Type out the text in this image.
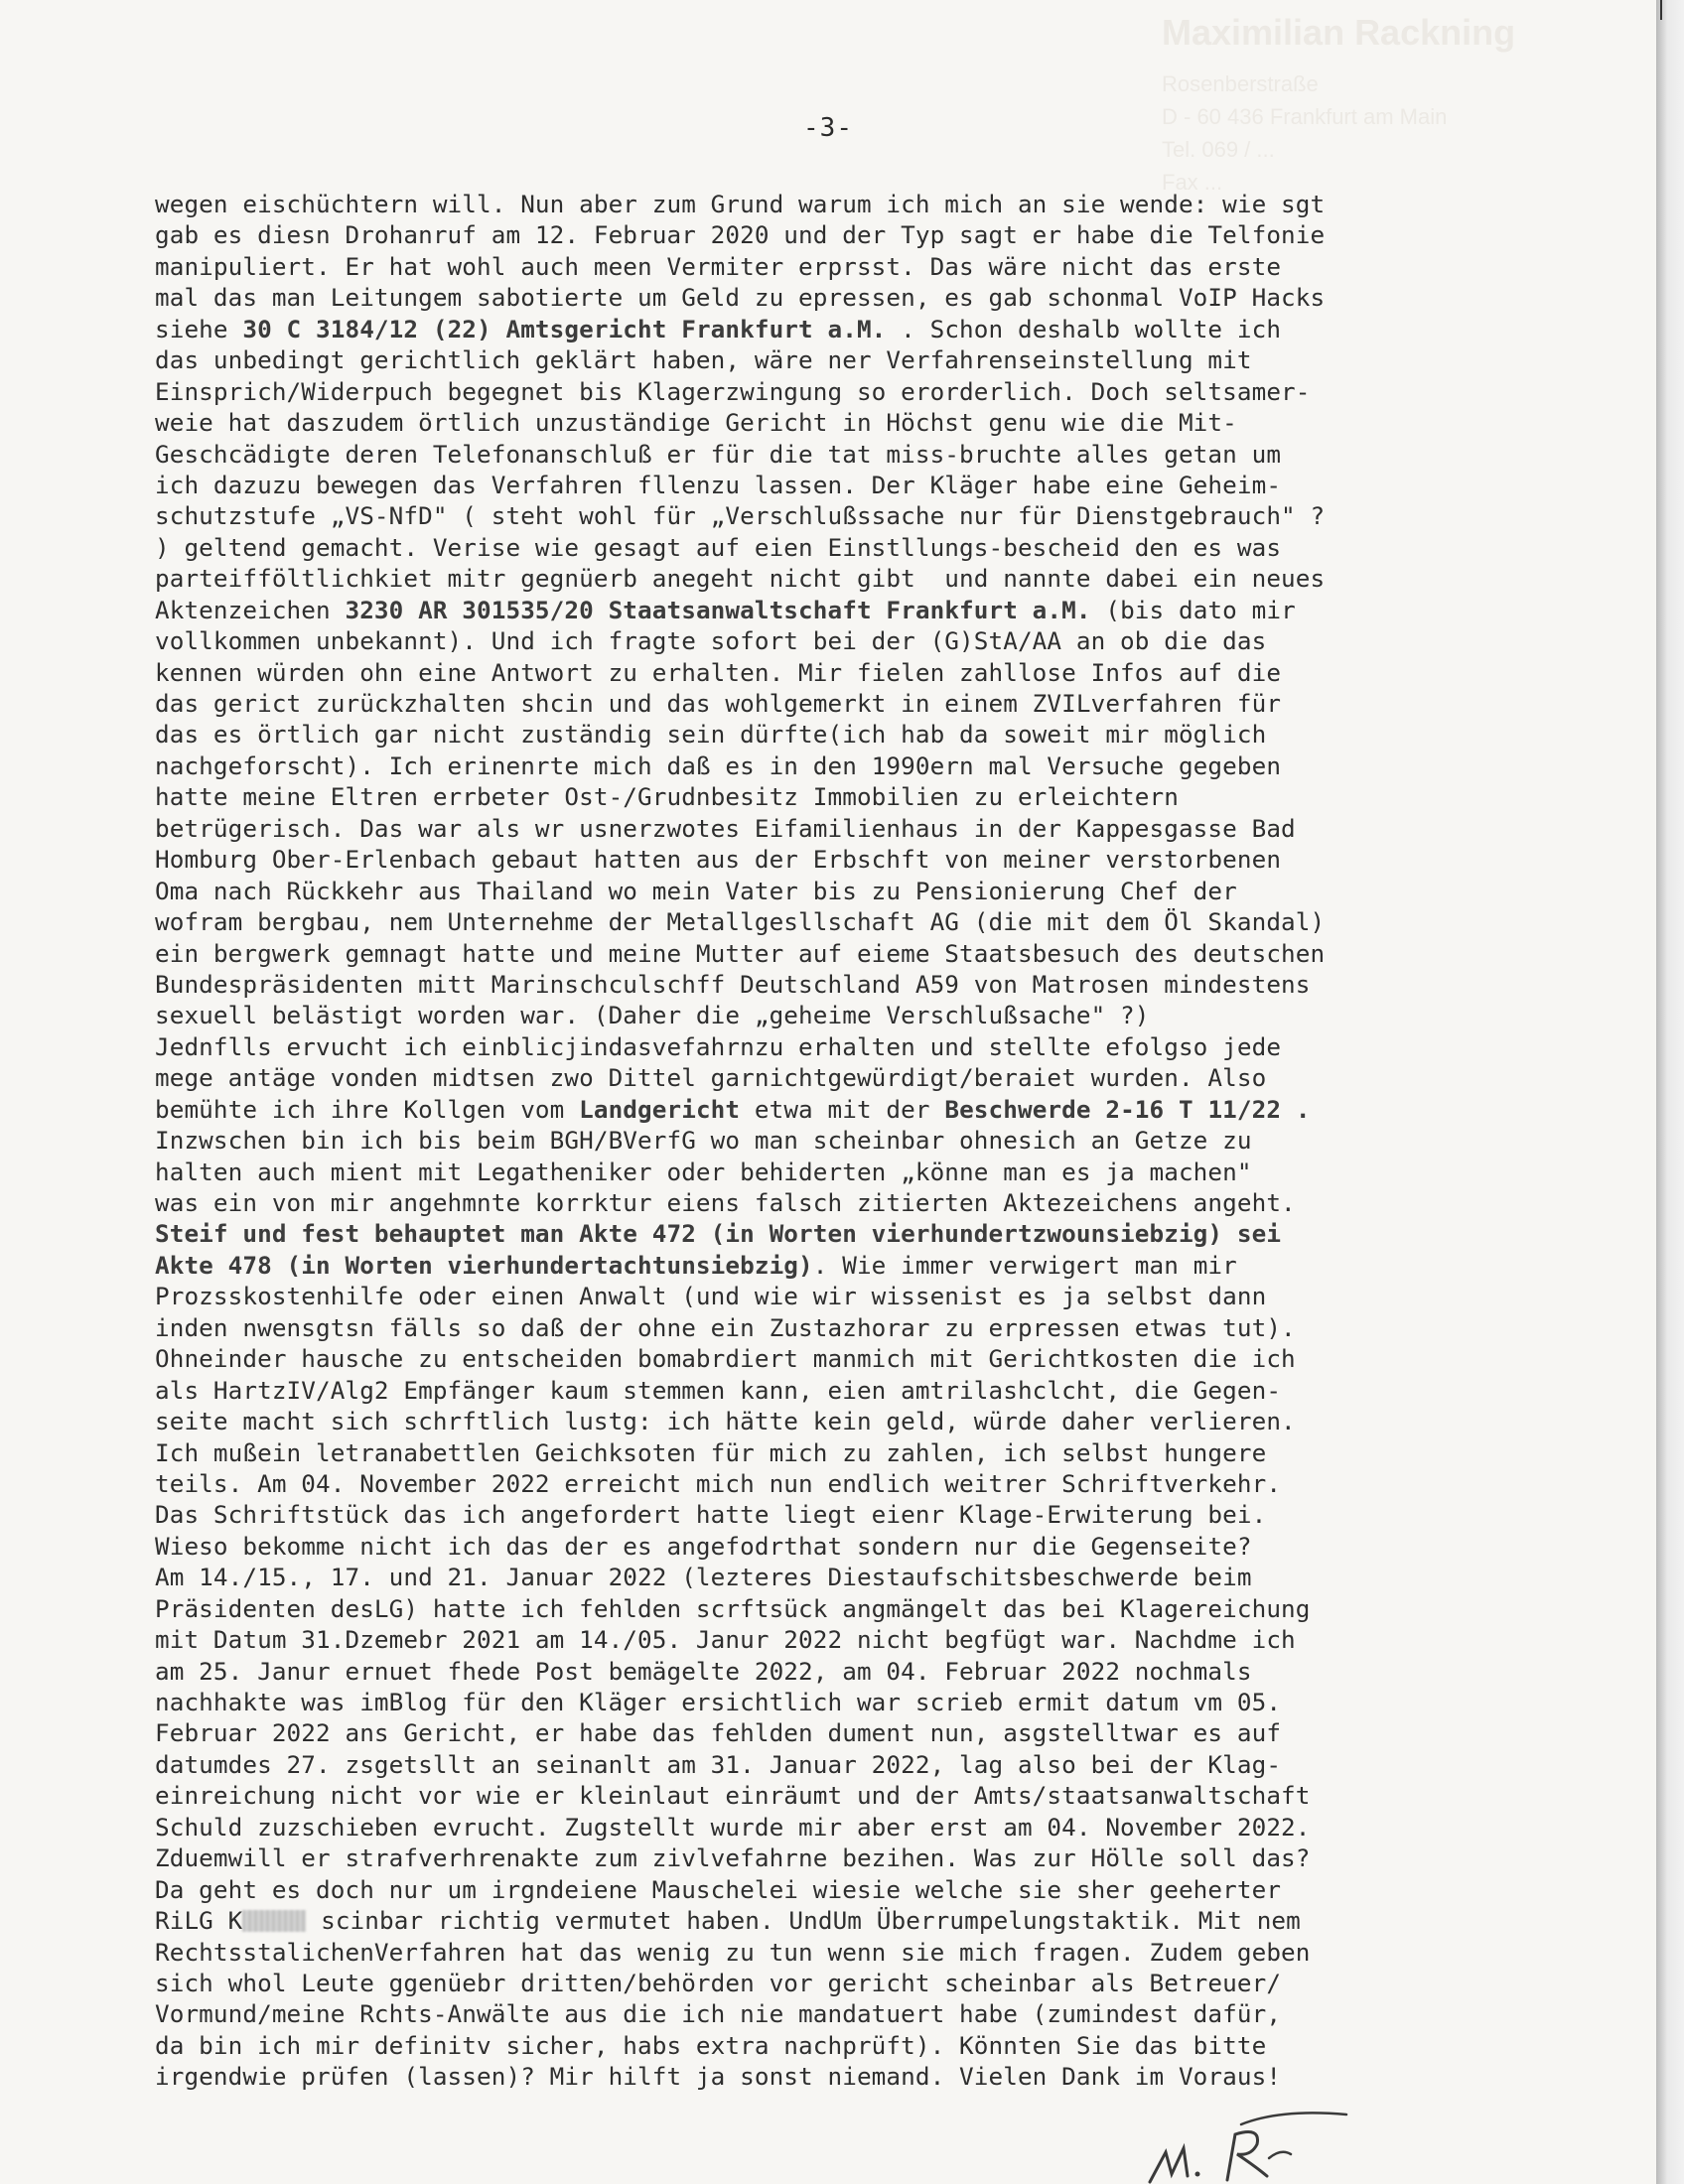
Maximilian Rackning
Rosenberstraße
D - 60 436 Frankfurt am Main
Tel. 069 / ...
Fax ...
-3-
wegen eischüchtern will. Nun aber zum Grund warum ich mich an sie wende: wie sgt
gab es diesn Drohanruf am 12. Februar 2020 und der Typ sagt er habe die Telfonie
manipuliert. Er hat wohl auch meen Vermiter erprsst. Das wäre nicht das erste
mal das man Leitungem sabotierte um Geld zu epressen, es gab schonmal VoIP Hacks
siehe 30 C 3184/12 (22) Amtsgericht Frankfurt a.M. . Schon deshalb wollte ich
das unbedingt gerichtlich geklärt haben, wäre ner Verfahrenseinstellung mit
Einsprich/Widerpuch begegnet bis Klagerzwingung so erorderlich. Doch seltsamer-
weie hat daszudem örtlich unzuständige Gericht in Höchst genu wie die Mit-
Geschcädigte deren Telefonanschluß er für die tat miss-bruchte alles getan um
ich dazuzu bewegen das Verfahren fllenzu lassen. Der Kläger habe eine Geheim-
schutzstufe „VS-NfD" ( steht wohl für „Verschlußssache nur für Dienstgebrauch" ?
) geltend gemacht. Verise wie gesagt auf eien Einstllungs-bescheid den es was
parteifföltlichkiet mitr gegnüerb anegeht nicht gibt  und nannte dabei ein neues
Aktenzeichen 3230 AR 301535/20 Staatsanwaltschaft Frankfurt a.M. (bis dato mir
vollkommen unbekannt). Und ich fragte sofort bei der (G)StA/AA an ob die das
kennen würden ohn eine Antwort zu erhalten. Mir fielen zahllose Infos auf die
das gerict zurückzhalten shcin und das wohlgemerkt in einem ZVILverfahren für
das es örtlich gar nicht zuständig sein dürfte(ich hab da soweit mir möglich
nachgeforscht). Ich erinenrte mich daß es in den 1990ern mal Versuche gegeben
hatte meine Eltren errbeter Ost-/Grudnbesitz Immobilien zu erleichtern
betrügerisch. Das war als wr usnerzwotes Eifamilienhaus in der Kappesgasse Bad
Homburg Ober-Erlenbach gebaut hatten aus der Erbschft von meiner verstorbenen
Oma nach Rückkehr aus Thailand wo mein Vater bis zu Pensionierung Chef der
wofram bergbau, nem Unternehme der Metallgesllschaft AG (die mit dem Öl Skandal)
ein bergwerk gemnagt hatte und meine Mutter auf eieme Staatsbesuch des deutschen
Bundespräsidenten mitt Marinschculschff Deutschland A59 von Matrosen mindestens
sexuell belästigt worden war. (Daher die „geheime Verschlußsache" ?)
Jednflls ervucht ich einblicjindasvefahrnzu erhalten und stellte efolgso jede
mege antäge vonden midtsen zwo Dittel garnichtgewürdigt/beraiet wurden. Also
bemühte ich ihre Kollgen vom Landgericht etwa mit der Beschwerde 2-16 T 11/22 .
Inzwschen bin ich bis beim BGH/BVerfG wo man scheinbar ohnesich an Getze zu
halten auch mient mit Legatheniker oder behiderten „könne man es ja machen"
was ein von mir angehmnte korrktur eiens falsch zitierten Aktezeichens angeht.
Steif und fest behauptet man Akte 472 (in Worten vierhundertzwounsiebzig) sei
Akte 478 (in Worten vierhundertachtunsiebzig). Wie immer verwigert man mir
Prozsskostenhilfe oder einen Anwalt (und wie wir wissenist es ja selbst dann
inden nwensgtsn fälls so daß der ohne ein Zustazhorar zu erpressen etwas tut).
Ohneinder hausche zu entscheiden bomabrdiert manmich mit Gerichtkosten die ich
als HartzIV/Alg2 Empfänger kaum stemmen kann, eien amtrilashclcht, die Gegen-
seite macht sich schrftlich lustg: ich hätte kein geld, würde daher verlieren.
Ich mußein letranabettlen Geichksoten für mich zu zahlen, ich selbst hungere
teils. Am 04. November 2022 erreicht mich nun endlich weitrer Schriftverkehr.
Das Schriftstück das ich angefordert hatte liegt eienr Klage-Erwiterung bei.
Wieso bekomme nicht ich das der es angefodrthat sondern nur die Gegenseite?
Am 14./15., 17. und 21. Januar 2022 (lezteres Diestaufschitsbeschwerde beim
Präsidenten desLG) hatte ich fehlden scrftsück angmängelt das bei Klagereichung
mit Datum 31.Dzemebr 2021 am 14./05. Janur 2022 nicht begfügt war. Nachdme ich
am 25. Janur ernuet fhede Post bemägelte 2022, am 04. Februar 2022 nochmals
nachhakte was imBlog für den Kläger ersichtlich war scrieb ermit datum vm 05.
Februar 2022 ans Gericht, er habe das fehlden dument nun, asgstelltwar es auf
datumdes 27. zsgetsllt an seinanlt am 31. Januar 2022, lag also bei der Klag-
einreichung nicht vor wie er kleinlaut einräumt und der Amts/staatsanwaltschaft
Schuld zuzschieben evrucht. Zugstellt wurde mir aber erst am 04. November 2022.
Zduemwill er strafverhrenakte zum zivlvefahrne bezihen. Was zur Hölle soll das?
Da geht es doch nur um irgndeiene Mauschelei wiesie welche sie sher geeherter
RiLG K	scinbar richtig vermutet haben. UndUm Überrumpelungstaktik. Mit nem
RechtsstalichenVerfahren hat das wenig zu tun wenn sie mich fragen. Zudem geben
sich whol Leute ggenüebr dritten/behörden vor gericht scheinbar als Betreuer/
Vormund/meine Rchts-Anwälte aus die ich nie mandatuert habe (zumindest dafür,
da bin ich mir definitv sicher, habs extra nachprüft). Könnten Sie das bitte
irgendwie prüfen (lassen)? Mir hilft ja sonst niemand. Vielen Dank im Voraus!
